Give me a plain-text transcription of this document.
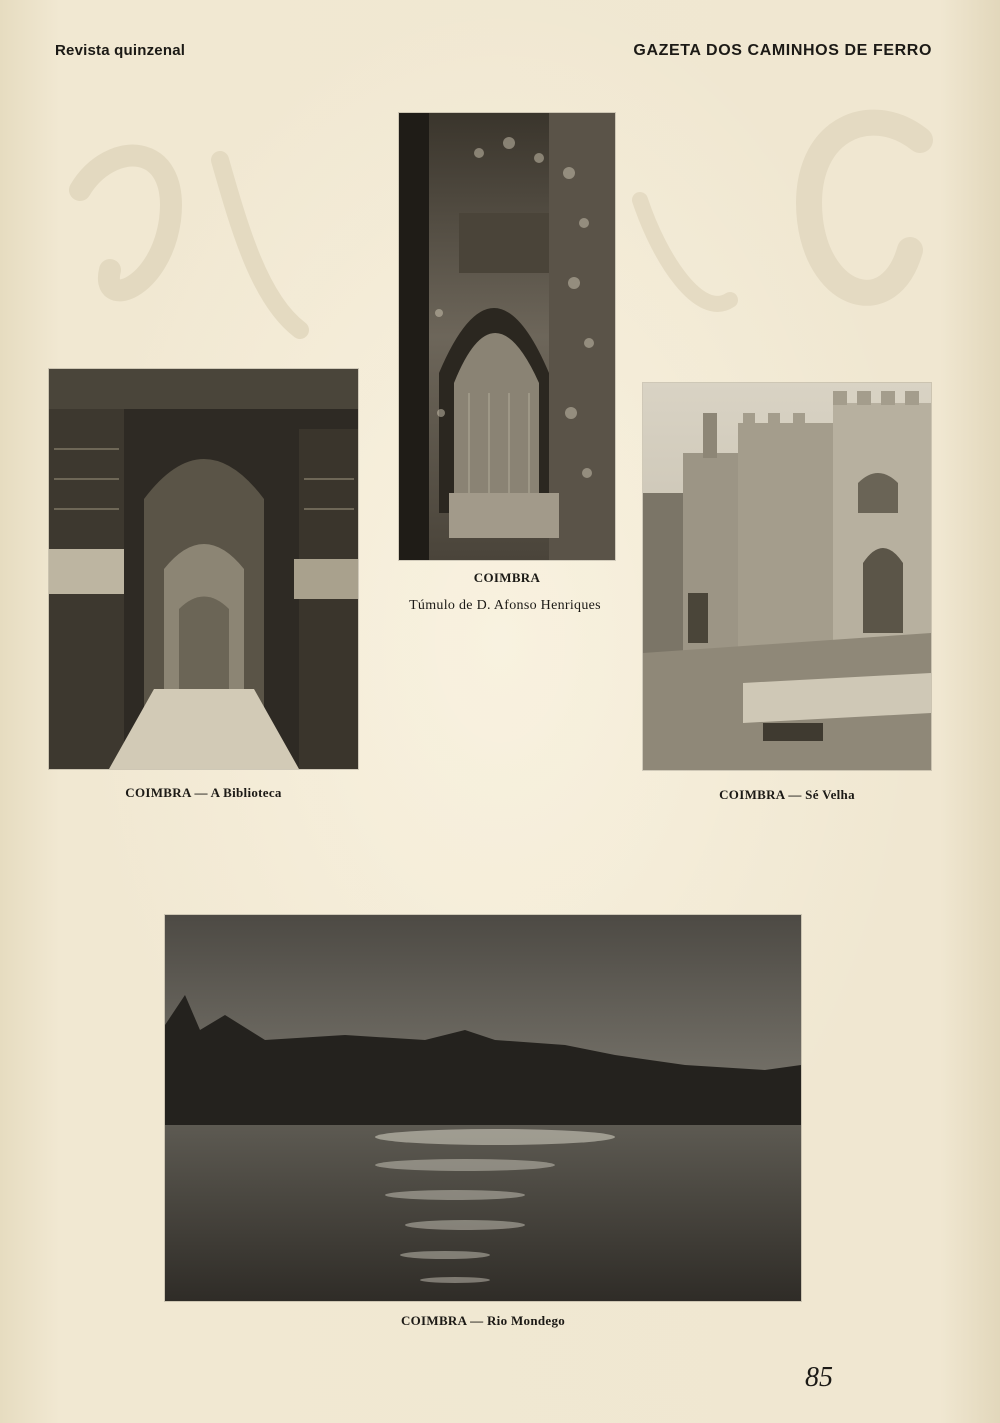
Revista quinzenal	GAZETA DOS CAMINHOS DE FERRO
COIMBRA
Túmulo de D. Afonso Henriques
COIMBRA — A Biblioteca	COIMBRA — Sé Velha
COIMBRA — Rio Mondego
85
